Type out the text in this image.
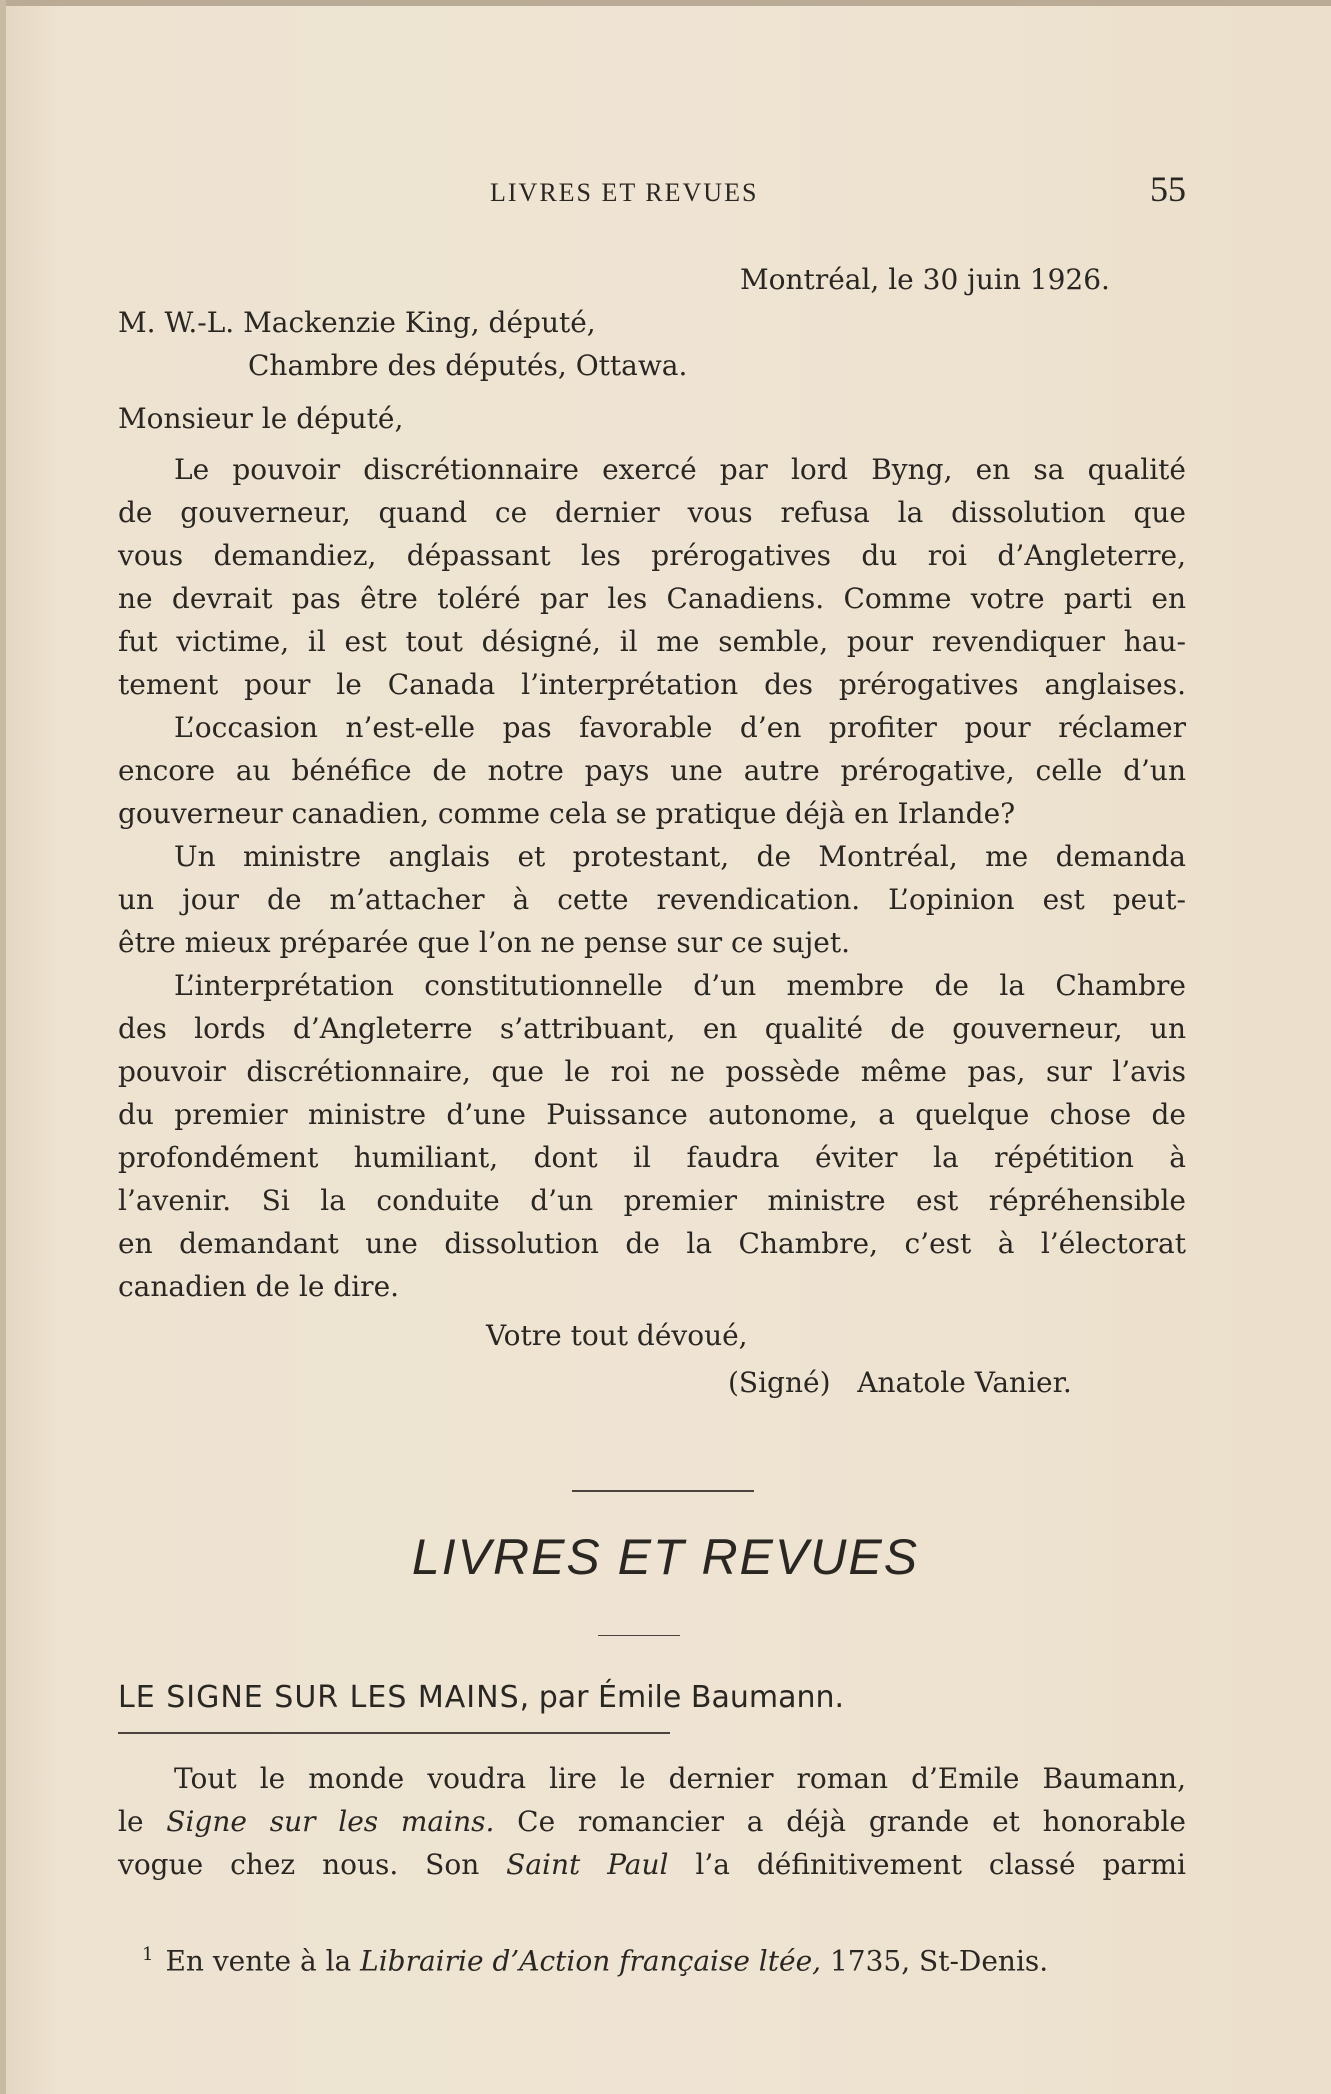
LIVRES ET REVUES	55

Montréal, le 30 juin 1926.

M. W.-L. Mackenzie King, député,

Chambre des députés, Ottawa.

Monsieur le député,

Le pouvoir discrétionnaire exercé par lord Byng, en sa qualité

de gouverneur, quand ce dernier vous refusa la dissolution que

vous demandiez, dépassant les prérogatives du roi d’Angleterre,

ne devrait pas être toléré par les Canadiens. Comme votre parti en

fut victime, il est tout désigné, il me semble, pour revendiquer hau-

tement pour le Canada l’interprétation des prérogatives anglaises.

L’occasion n’est-elle pas favorable d’en profiter pour réclamer

encore au bénéfice de notre pays une autre prérogative, celle d’un

gouverneur canadien, comme cela se pratique déjà en Irlande?

Un ministre anglais et protestant, de Montréal, me demanda

un jour de m’attacher à cette revendication. L’opinion est peut-

être mieux préparée que l’on ne pense sur ce sujet.

L’interprétation constitutionnelle d’un membre de la Chambre

des lords d’Angleterre s’attribuant, en qualité de gouverneur, un

pouvoir discrétionnaire, que le roi ne possède même pas, sur l’avis

du premier ministre d’une Puissance autonome, a quelque chose de

profondément humiliant, dont il faudra éviter la répétition à

l’avenir. Si la conduite d’un premier ministre est répréhensible

en demandant une dissolution de la Chambre, c’est à l’électorat

canadien de le dire.

Votre tout dévoué,

(Signé) Anatole Vanier.

LIVRES ET REVUES
LE SIGNE SUR LES MAINS, par Émile Baumann.

Tout le monde voudra lire le dernier roman d’Emile Baumann,

le Signe sur les mains. Ce romancier a déjà grande et honorable

vogue chez nous. Son Saint Paul l’a définitivement classé parmi

$^1$ En vente à la Librairie d’Action française ltée, 1735, St-Denis.
